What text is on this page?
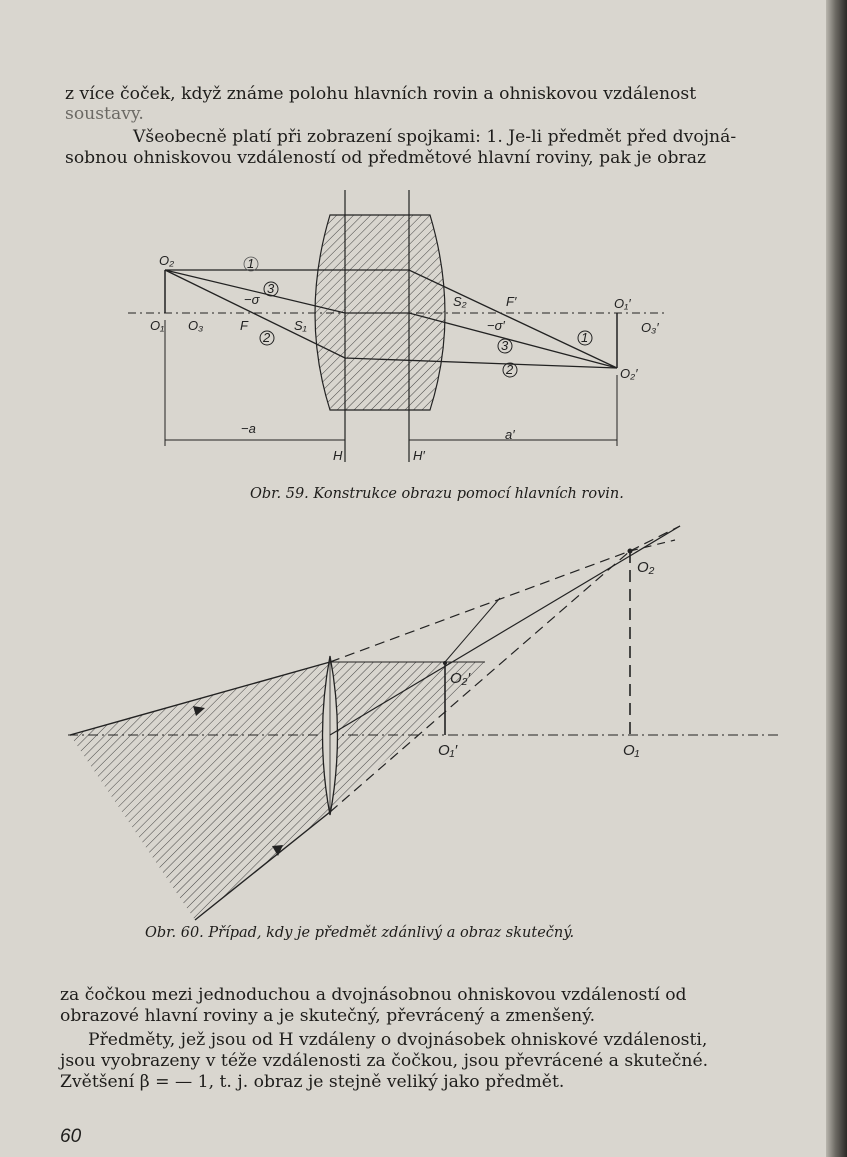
z více čoček, když známe polohu hlavních rovin a ohniskovou vzdálenost
soustavy.
Všeobecně platí při zobrazení spojkami: 1. Je-li předmět před dvojná-
sobnou ohniskovou vzdáleností od předmětové hlavní roviny, pak je obraz
O₂
O₁ O₃	F	S₁
S₂	F′	O₁′
O₃′
O₂′
−σ
−σ′
−a	a′
H	H′
1
3
2	1
3
2
Obr. 59. Konstrukce obrazu pomocí hlavních rovin.
O₂
O₂′
O₁′	O₁
Obr. 60. Případ, kdy je předmět zdánlivý a obraz skutečný.
za čočkou mezi jednoduchou a dvojnásobnou ohniskovou vzdáleností od
obrazové hlavní roviny a je skutečný, převrácený a zmenšený.
Předměty, jež jsou od H vzdáleny o dvojnásobek ohniskové vzdálenosti,
jsou vyobrazeny v téže vzdálenosti za čočkou, jsou převrácené a skutečné.
Zvětšení β = — 1, t. j. obraz je stejně veliký jako předmět.
60
